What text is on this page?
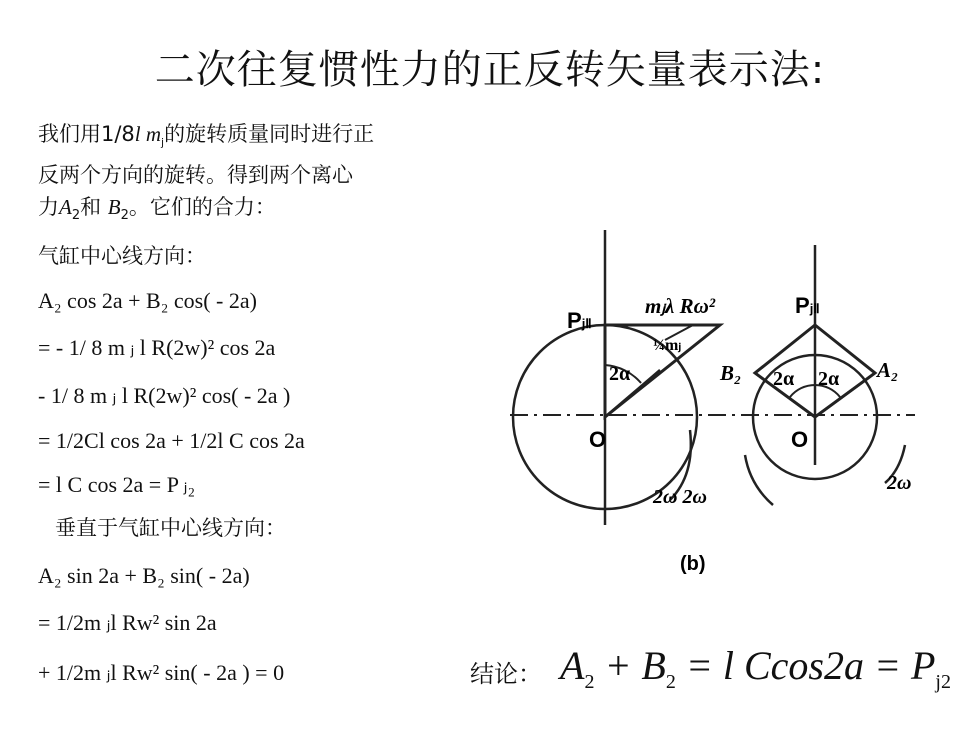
二次往复惯性力的正反转矢量表示法:
我们用1/8l $m_j$的旋转质量同时进行正
反两个方向的旋转。得到两个离心
力$A_2$和 $B_2$。它们的合力：
气缸中心线方向：
A₂ cos 2a + B₂ cos( - 2a)
= - 1/ 8 m ⱼ l R(2w)² cos 2a
- 1/ 8 m ⱼ l R(2w)² cos( - 2a )
= 1/2Cl cos 2a + 1/2l C cos 2a
= l C cos 2a = P ⱼ₂
垂直于气缸中心线方向：
A₂ sin 2a + B₂ sin( - 2a)
= 1/2m ⱼl Rw² sin 2a
+ 1/2m ⱼl Rw² sin( - 2a ) = 0	结论： $A_2 + B_2 = l$ $Ccos2a = P_{j2}$
PjⅡ
PjⅡ
mⱼλ Rω²
¼mⱼ
2α	2α 2α
B₂	A₂
O	O
2ω 2ω
2ω
(b)
